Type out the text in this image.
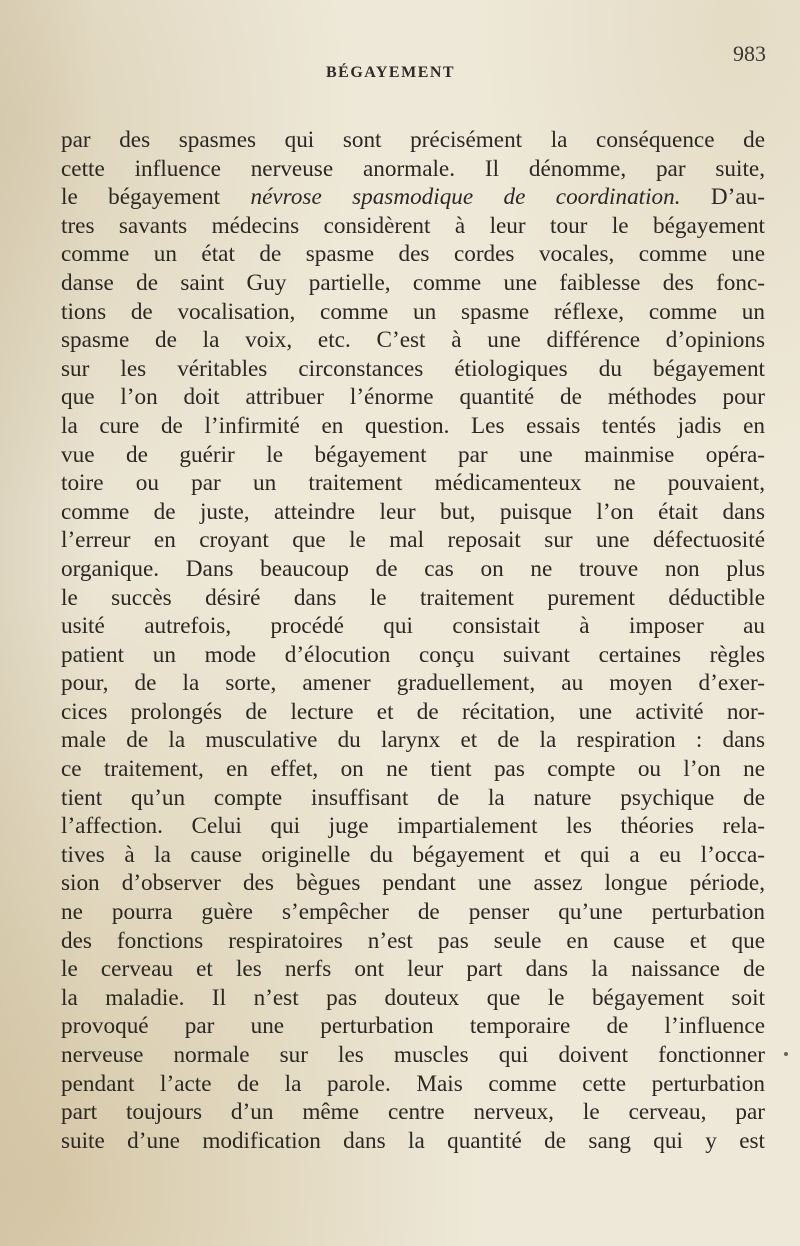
BÉGAYEMENT
983
par des spasmes qui sont précisément la conséquence de
cette influence nerveuse anormale. Il dénomme, par suite,
le bégayement névrose spasmodique de coordination. D’au-
tres savants médecins considèrent à leur tour le bégayement
comme un état de spasme des cordes vocales, comme une
danse de saint Guy partielle, comme une faiblesse des fonc-
tions de vocalisation, comme un spasme réflexe, comme un
spasme de la voix, etc. C’est à une différence d’opinions
sur les véritables circonstances étiologiques du bégayement
que l’on doit attribuer l’énorme quantité de méthodes pour
la cure de l’infirmité en question. Les essais tentés jadis en
vue de guérir le bégayement par une mainmise opéra-
toire ou par un traitement médicamenteux ne pouvaient,
comme de juste, atteindre leur but, puisque l’on était dans
l’erreur en croyant que le mal reposait sur une défectuosité
organique. Dans beaucoup de cas on ne trouve non plus
le succès désiré dans le traitement purement déductible
usité autrefois, procédé qui consistait à imposer au
patient un mode d’élocution conçu suivant certaines règles
pour, de la sorte, amener graduellement, au moyen d’exer-
cices prolongés de lecture et de récitation, une activité nor-
male de la musculative du larynx et de la respiration : dans
ce traitement, en effet, on ne tient pas compte ou l’on ne
tient qu’un compte insuffisant de la nature psychique de
l’affection. Celui qui juge impartialement les théories rela-
tives à la cause originelle du bégayement et qui a eu l’occa-
sion d’observer des bègues pendant une assez longue période,
ne pourra guère s’empêcher de penser qu’une perturbation
des fonctions respiratoires n’est pas seule en cause et que
le cerveau et les nerfs ont leur part dans la naissance de
la maladie. Il n’est pas douteux que le bégayement soit
provoqué par une perturbation temporaire de l’influence
nerveuse normale sur les muscles qui doivent fonctionner
pendant l’acte de la parole. Mais comme cette perturbation
part toujours d’un même centre nerveux, le cerveau, par
suite d’une modification dans la quantité de sang qui y est
